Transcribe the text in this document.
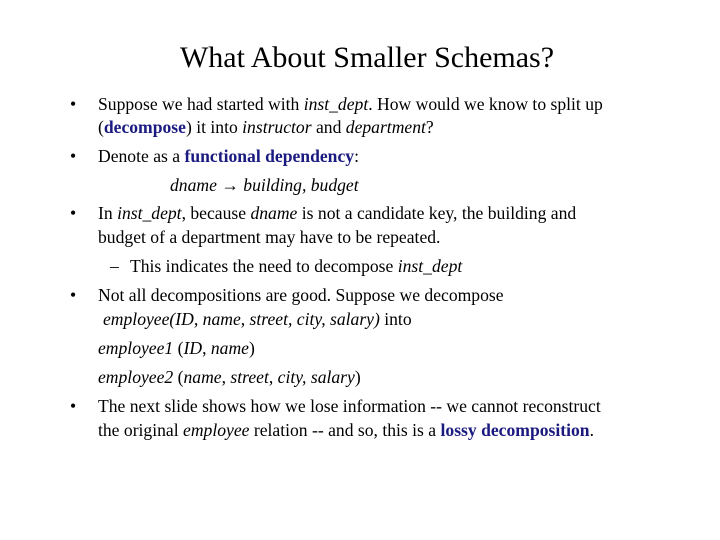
What About Smaller Schemas?
• Suppose we had started with inst_dept. How would we know to split up
(decompose) it into instructor and department?
• Denote as a functional dependency:
dname → building, budget
• In inst_dept, because dname is not a candidate key, the building and
budget of a department may have to be repeated.
– This indicates the need to decompose inst_dept
• Not all decompositions are good. Suppose we decompose
employee(ID, name, street, city, salary) into
employee1 (ID, name)
employee2 (name, street, city, salary)
• The next slide shows how we lose information -- we cannot reconstruct
the original employee relation -- and so, this is a lossy decomposition.
